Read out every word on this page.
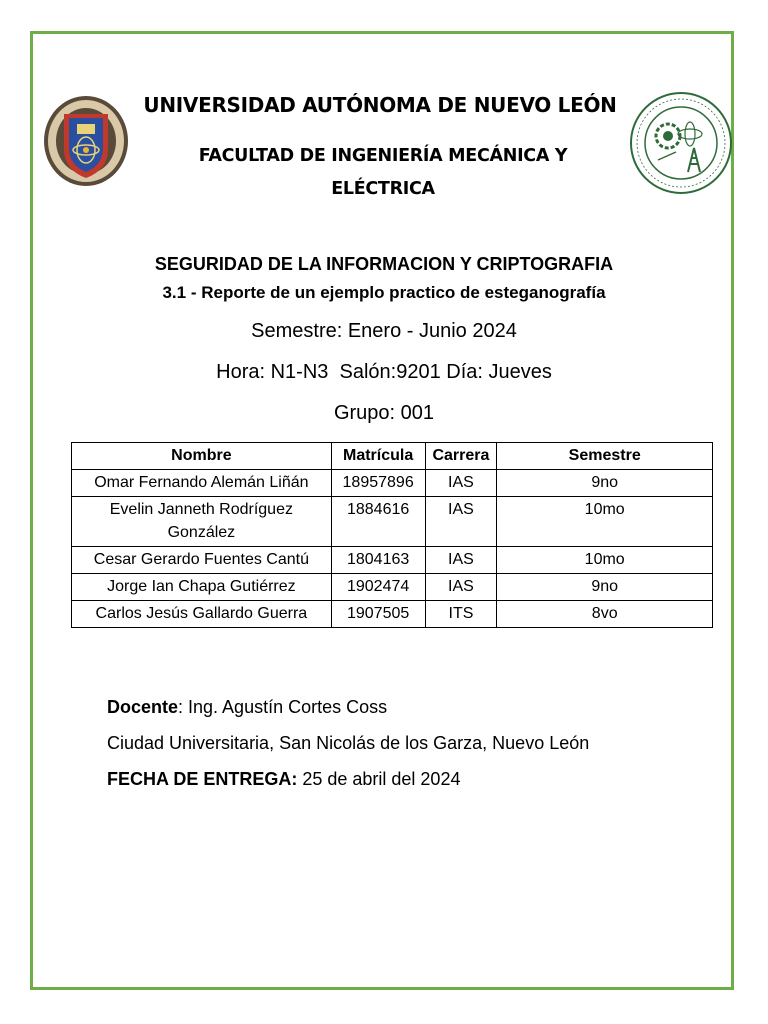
UNIVERSIDAD AUTÓNOMA DE NUEVO LEÓN
FACULTAD DE INGENIERÍA MECÁNICA Y
ELÉCTRICA
SEGURIDAD DE LA INFORMACION Y CRIPTOGRAFIA
3.1 - Reporte de un ejemplo practico de esteganografía
Semestre: Enero - Junio 2024
Hora: N1-N3  Salón:9201 Día: Jueves
Grupo: 001
Nombre	Matrícula	Carrera	Semestre
Omar Fernando Alemán Liñán	18957896	IAS	9no
Evelin Janneth Rodríguez González	1884616	IAS	10mo
Cesar Gerardo Fuentes Cantú	1804163	IAS	10mo
Jorge Ian Chapa Gutiérrez	1902474	IAS	9no
Carlos Jesús Gallardo Guerra	1907505	ITS	8vo
Docente: Ing. Agustín Cortes Coss
Ciudad Universitaria, San Nicolás de los Garza, Nuevo León
FECHA DE ENTREGA: 25 de abril del 2024
